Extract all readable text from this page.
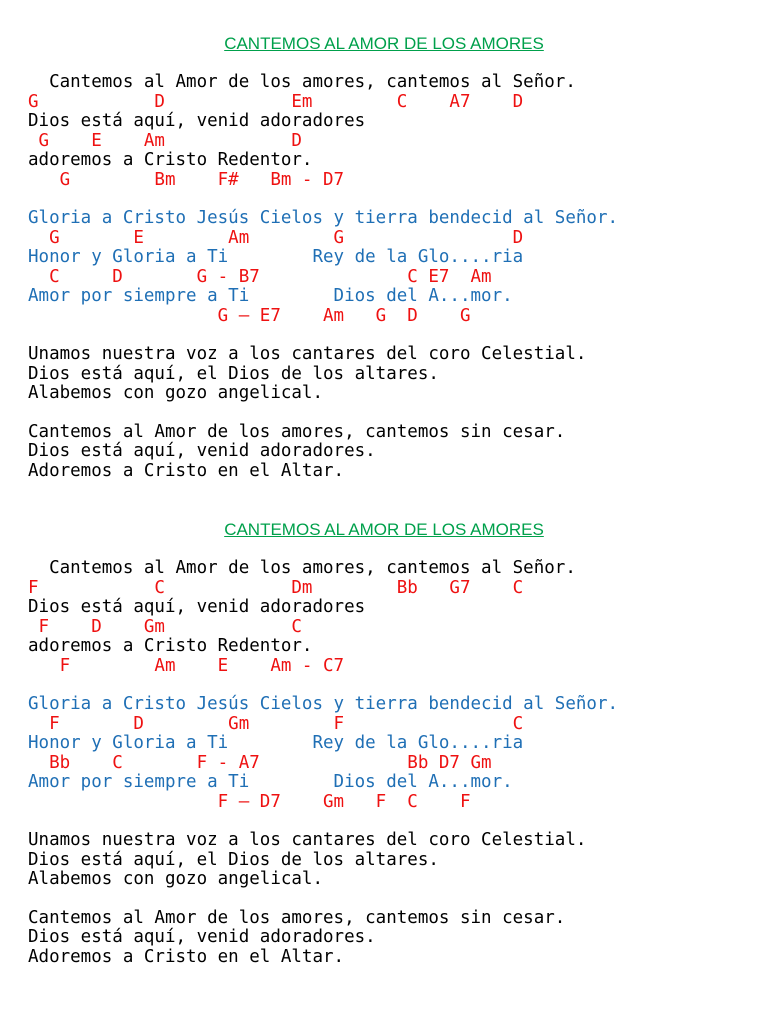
CANTEMOS AL AMOR DE LOS AMORES
Cantemos al Amor de los amores, cantemos al Señor.
G           D            Em        C    A7    D
Dios está aquí, venid adoradores
G    E    Am            D
adoremos a Cristo Redentor.
G        Bm    F#   Bm - D7
Gloria a Cristo Jesús Cielos y tierra bendecid al Señor.
G       E        Am        G                D
Honor y Gloria a Ti        Rey de la Glo....ria
C     D       G - B7              C E7  Am
Amor por siempre a Ti        Dios del A...mor.
G – E7    Am   G  D    G
Unamos nuestra voz a los cantares del coro Celestial.
Dios está aquí, el Dios de los altares.
Alabemos con gozo angelical.
Cantemos al Amor de los amores, cantemos sin cesar.
Dios está aquí, venid adoradores.
Adoremos a Cristo en el Altar.
CANTEMOS AL AMOR DE LOS AMORES
Cantemos al Amor de los amores, cantemos al Señor.
F           C            Dm        Bb   G7    C
Dios está aquí, venid adoradores
F    D    Gm            C
adoremos a Cristo Redentor.
F        Am    E    Am - C7
Gloria a Cristo Jesús Cielos y tierra bendecid al Señor.
F       D        Gm        F                C
Honor y Gloria a Ti        Rey de la Glo....ria
Bb    C       F - A7              Bb D7 Gm
Amor por siempre a Ti        Dios del A...mor.
F – D7    Gm   F  C    F
Unamos nuestra voz a los cantares del coro Celestial.
Dios está aquí, el Dios de los altares.
Alabemos con gozo angelical.
Cantemos al Amor de los amores, cantemos sin cesar.
Dios está aquí, venid adoradores.
Adoremos a Cristo en el Altar.
